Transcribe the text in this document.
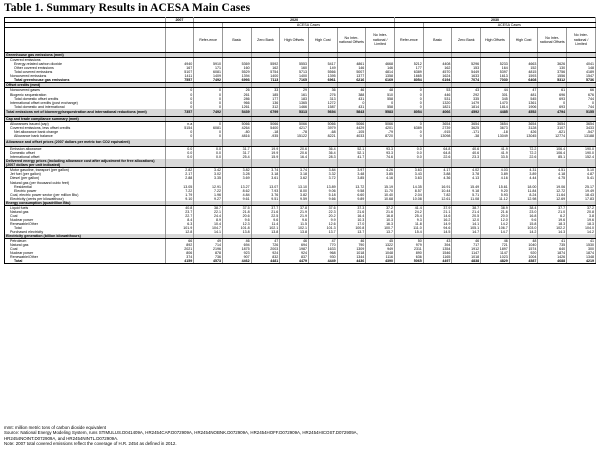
Table 1. Summary Results in ACESA Main Cases
	2007	2020							2030						
			ACESA Cases							ACESA Cases					
		Refer-ence	Basic	Zero Bank	High Offsets	High Cost	No Inter-national Offsets	No Inter-national / Limited	Refer-ence	Basic	Zero Bank	High Offsets	High Cost	No Inter-national Offsets	No Inter-national / Limited
Greenhouse gas emissions (mmt)															
Covered emissions															
Energy-related carbon dioxide	4940	5910	5369	5592	5553	5417	4861	4668	5212	4408	5296	5233	4663	3626	4041
Other covered emissions	167	171	160	162	160	149	146	146	177	162	153	164	152	130	148
Total covered emissions	5107	6081	5529	5754	5713	5566	5007	4814	6389	4570	5449	5397	4815	3756	4189
Noncovered emissions	1411	1409	1394	1400	1400	1395	1377	1358	1665	1624	1633	1613	1593	1556	1547
Total greenhouse gas emissions	7557	7492	6993	7113	7165	6961	6216	6169	8054	6194	7074	7030	6408	5312	5736
Offset credits (mmt)															
Noncovered gases	0	0	26	33	29	36	46	48	0	53	43	44	47	61	66
Biogenic sequestration	0	0	261	185	161	276	388	510	0	446	292	301	481	696	676
Total domestic offset credits	0	0	286	177	183	313	431	558	0	531	335	345	545	693	744
International offset credits (post exchange)	0	0	966	136	1365	1272	0	0	0	1320	1479	1470	1361	0	0
Total domestic and international	0	0	1261	312	1466	1587	431	558	0	1821	1814	1814	1906	693	744
Total emissions net of bioenergy/sequestration and international reductions (mmt)	7357	7492	5439	6799	5313	5694	5843	5583	8054	4066	4592	4485	4552	4794	5155
Cap and trade compliance summary (mmt)															
Allowances issued (cap)	n.a	0	5066	5066	5066	5066	5066	5066	0	3654	3654	3654	3654	3654	3654
Covered emissions, less offset credits	5154	6081	4264	5400	4217	3979	4429	4201	6389	2739	3625	3673	3128	3107	3433
Net allowance bank change	0	0	-80	-18	-78	-68	-105	-79	0	-915	-171	-18	426	-621	-547
Allowance bank balance	0	0	4816	-935	15122	8221	4033	8720	0	13098	-38	13049	13045	12774	13188
Allowance and offset prices (2007 dollars per metric ton CO2 equivalent)															
Emission allowance	0.0	0.0	31.7	19.9	20.6	36.4	52.1	93.3	0.0	64.8	40.6	41.9	72.2	106.4	190.0
Domestic offset	0.0	0.0	31.7	19.9	20.6	36.4	52.1	93.3	0.0	64.8	40.6	41.9	72.2	106.4	190.0
International offset	0.0	0.0	25.4	15.9	16.4	28.3	41.7	74.6	0.0	22.6	23.3	33.5	22.6	85.1	152.4
Delivered energy prices (including allowance cost after adjustment for free allocations) (2007 dollars per unit indicated)															
Motor gasoline, transport (per gallon)	2.82	3.42	3.82	3.74	3.74	3.84	3.97	4.26	3.63	4.17	4.02	4.03	4.31	4.51	5.10
Jet fuel (per gallon)	2.17	3.02	3.28	3.18	3.18	3.32	3.48	3.85	3.43	3.88	3.78	3.89	3.89	4.18	4.87
Diesel (per gallon)	2.88	3.35	3.69	3.61	3.62	3.72	3.85	4.16	3.63	4.36	4.13	4.16	4.44	4.75	5.41
Natural gas (per thousand cubic feet)															
Residential	13.05	12.91	13.27	13.07	13.10	13.89	13.72	15.19	14.35	16.91	15.49	15.61	18.00	19.06	25.17
Electric power	7.22	7.22	8.62	7.93	8.00	9.06	9.58	11.70	8.57	10.44	9.18	9.20	11.84	12.72	19.49
Coal, electric power sector (per million Btu)	1.79	1.96	4.84	3.76	3.82	5.18	6.60	10.40	2.04	7.82	5.71	5.93	8.24	11.64	18.43
Electricity (cents per kilowatthour)	9.10	9.27	9.61	9.51	9.59	9.66	9.89	10.68	10.08	12.61	11.08	11.12	12.98	12.69	17.83
Energy consumption (quadrillion Btu)															
Liquid fuels	40.8	38.7	37.5	37.7	37.8	37.6	37.3	37.2	41.4	37.9	38.7	38.9	38.4	37.7	37.2
Natural gas	23.7	22.1	21.8	21.6	21.9	22.3	21.6	21.6	24.2	21.1	21.4	21.6	23.0	21.0	20.8
Coal	22.7	24.4	20.6	22.5	21.9	20.2	16.4	16.8	25.4	14.6	20.5	20.0	16.8	6.2	3.8
Nuclear power	8.4	8.9	9.6	9.6	9.6	9.9	10.3	10.3	9.3	16.2	12.0	12.0	9.6	19.6	19.6
Renewable/Other	6.3	10.4	12.3	11.4	11.5	12.6	17.0	16.3	11.8	14.9	14.1	14.2	15.8	18.3	18.3
Total	101.9	104.7	101.8	102.1	102.1	101.3	100.8	100.7	111.0	94.6	105.1	106.7	103.0	102.2	104.0
Purchased electricity	12.8	14.1	13.8	13.8	13.8	13.7	13.7	13.7	15.4	14.5	14.7	14.7	14.2	14.3	14.2
Electricity generation (billion kilowatthours)															
Petroleum	66	49	46	47	46	47	46	45	50	43	46	46	48	41	41
Natural gas	892	714	694	726	694	770	790	1322	979	394	717	721	1040	735	1530
Coal	2021	2196	1875	2003	1987	1633	1309	949	2311	1354	1912	1897	1574	640	300
Nuclear power	806	878	923	924	924	968	1018	1048	890	1546	1147	1147	920	1874	1874
Renewable/Other	374	736	907	832	837	930	1344	1116	636	1165	1018	1023	1004	1426	1348
Total	4159	4573	4462	4481	4479	4449	4436	4390	5065	4497	4838	4829	4587	4688	4219
mmt: million metric tons of carbon dioxide equivalent
Source: National Energy Modeling System, runs STIMULUS.D041409A, HR2454CAP.D072909A, HR2454NOBNK.D072909A, HR2454HOFF.D072909A, HR2454HICOST.D072909A,
HR2454NOINT.D072909A, and HR2454NINTL.D072909A.
Note: 2007 total covered emissions reflect the coverage of H.R. 2454 as defined in 2012.
